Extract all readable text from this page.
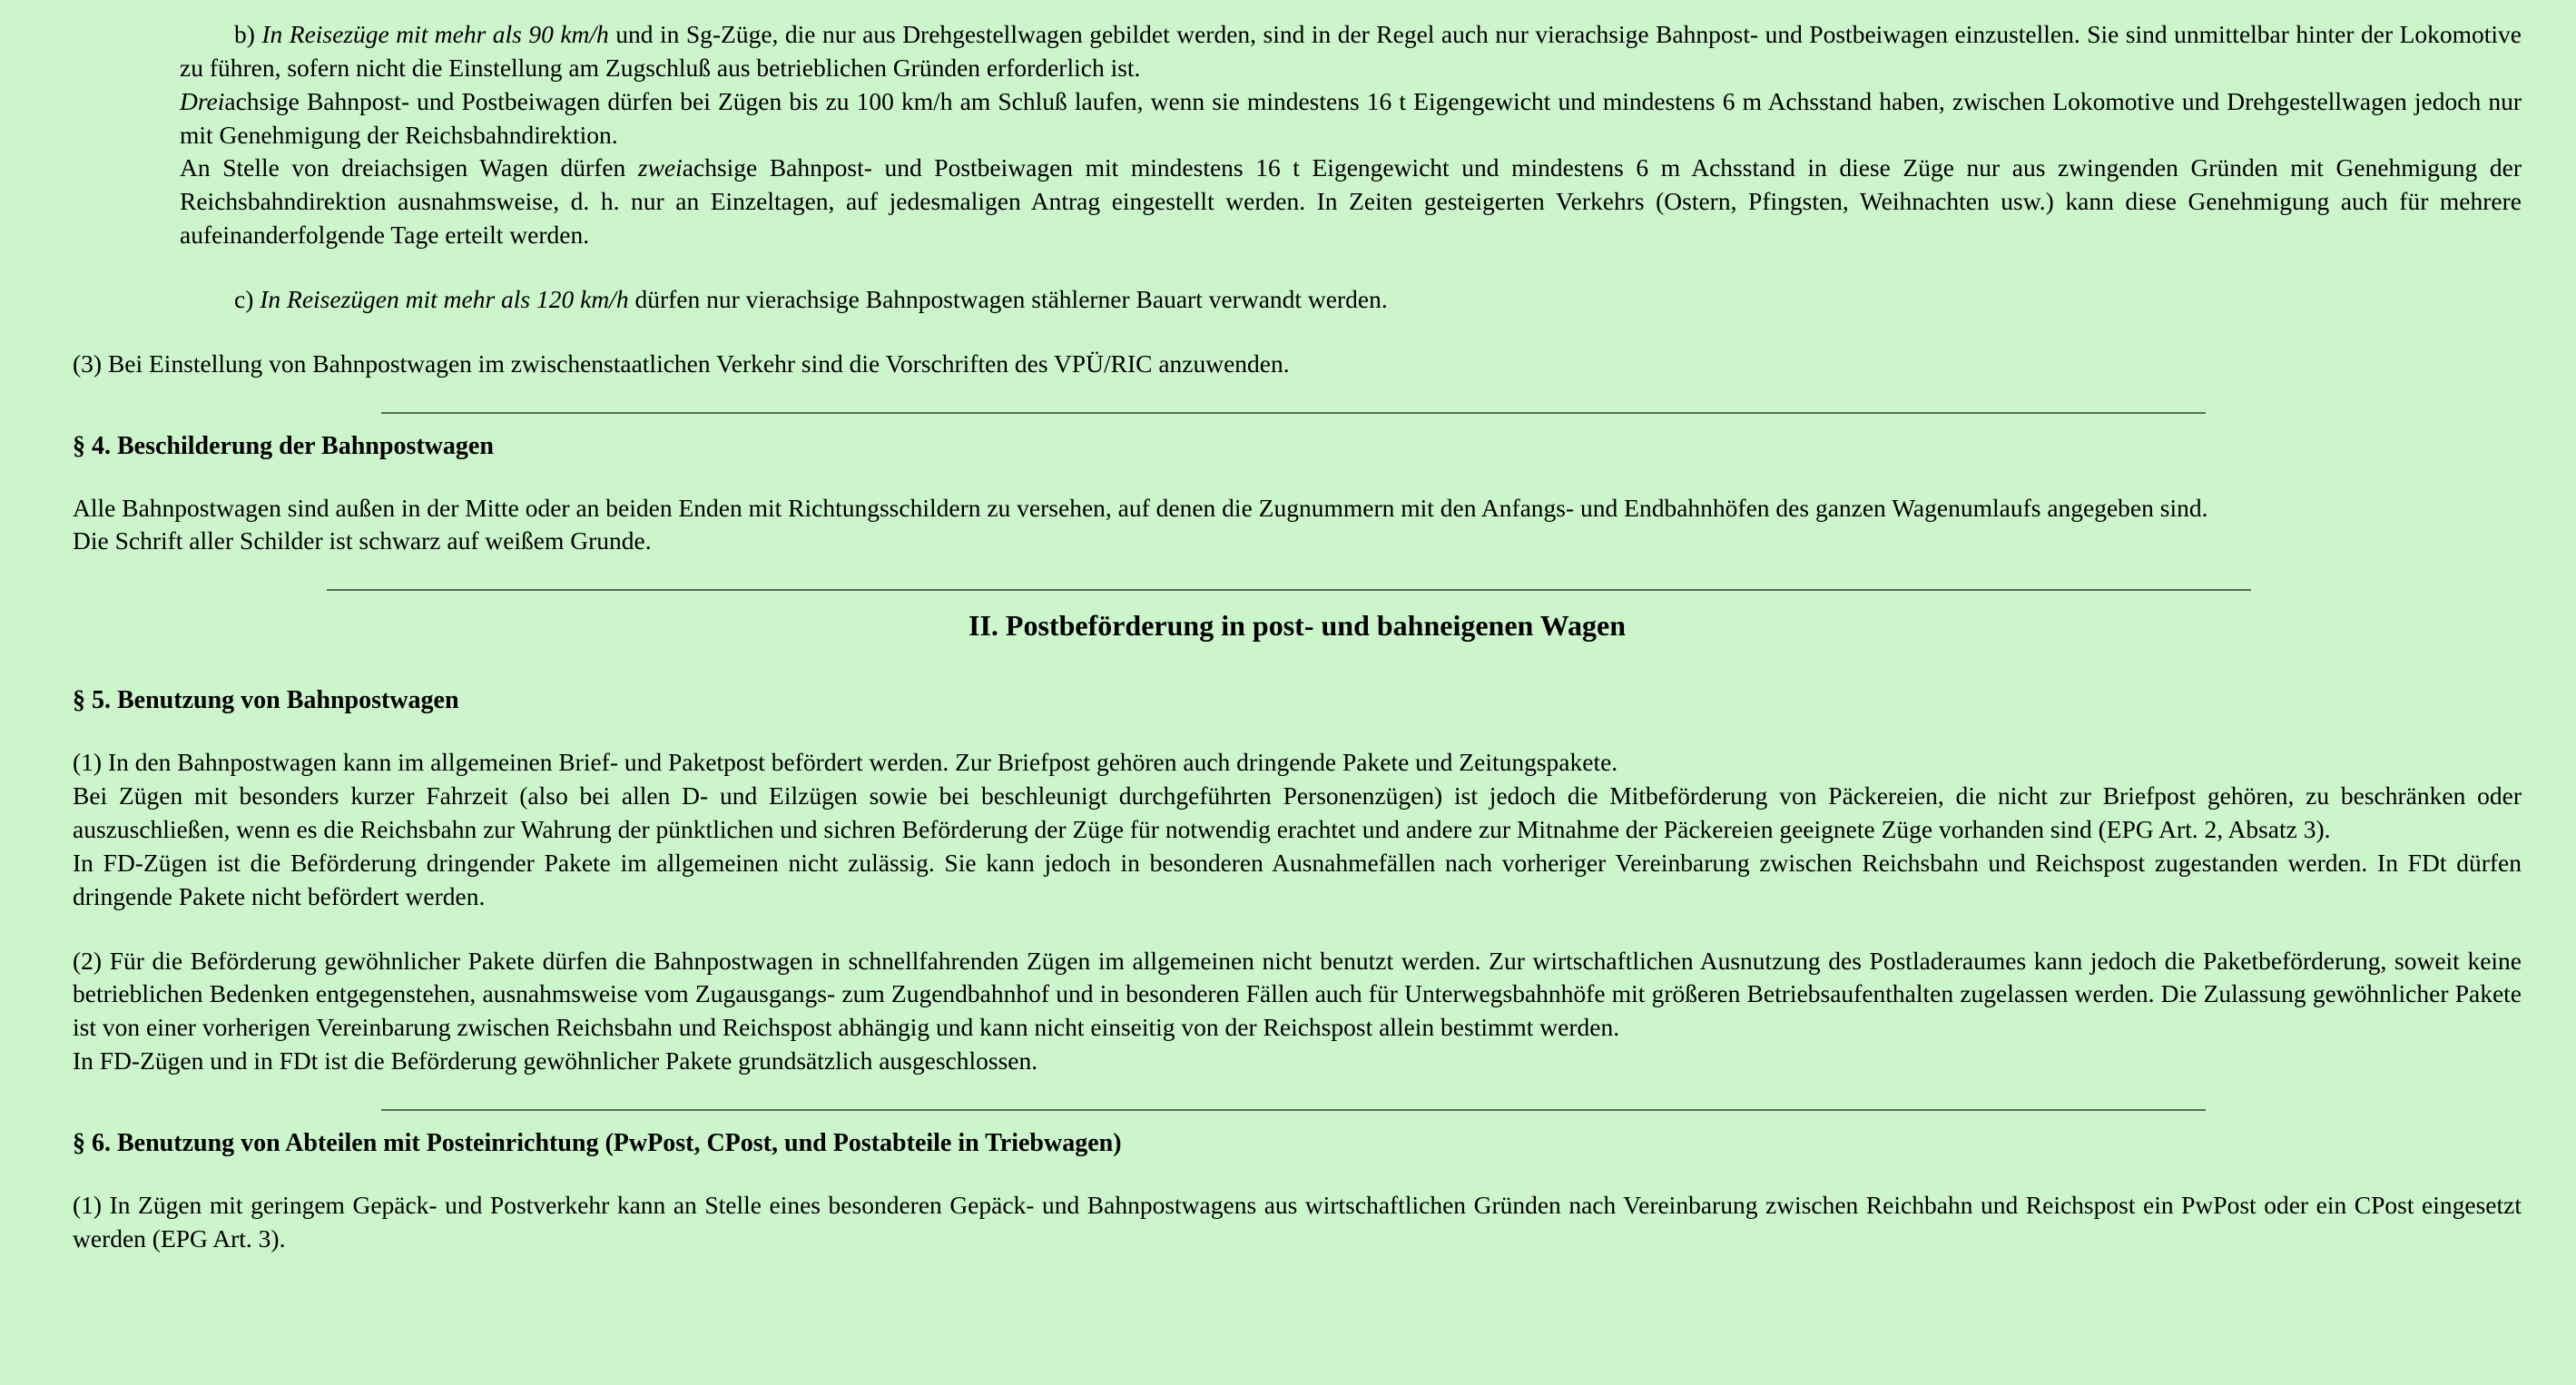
b) In Reisezüge mit mehr als 90 km/h und in Sg-Züge, die nur aus Drehgestellwagen gebildet werden, sind in der Regel auch nur vierachsige Bahnpost- und Postbeiwagen einzustellen. Sie sind unmittelbar hinter der Lokomotive zu führen, sofern nicht die Einstellung am Zugschluß aus betrieblichen Gründen erforderlich ist.

Dreiachsige Bahnpost- und Postbeiwagen dürfen bei Zügen bis zu 100 km/h am Schluß laufen, wenn sie mindestens 16 t Eigengewicht und mindestens 6 m Achsstand haben, zwischen Lokomotive und Drehgestellwagen jedoch nur mit Genehmigung der Reichsbahndirektion.

An Stelle von dreiachsigen Wagen dürfen zweiachsige Bahnpost- und Postbeiwagen mit mindestens 16 t Eigengewicht und mindestens 6 m Achsstand in diese Züge nur aus zwingenden Gründen mit Genehmigung der Reichsbahndirektion ausnahmsweise, d. h. nur an Einzeltagen, auf jedesmaligen Antrag eingestellt werden. In Zeiten gesteigerten Verkehrs (Ostern, Pfingsten, Weihnachten usw.) kann diese Genehmigung auch für mehrere aufeinanderfolgende Tage erteilt werden.

c) In Reisezügen mit mehr als 120 km/h dürfen nur vierachsige Bahnpostwagen stählerner Bauart verwandt werden.

(3) Bei Einstellung von Bahnpostwagen im zwischenstaatlichen Verkehr sind die Vorschriften des VPÜ/RIC anzuwenden.

§ 4. Beschilderung der Bahnpostwagen

Alle Bahnpostwagen sind außen in der Mitte oder an beiden Enden mit Richtungsschildern zu versehen, auf denen die Zugnummern mit den Anfangs- und Endbahnhöfen des ganzen Wagenumlaufs angegeben sind.

Die Schrift aller Schilder ist schwarz auf weißem Grunde.

II. Postbeförderung in post- und bahneigenen Wagen

§ 5. Benutzung von Bahnpostwagen

(1) In den Bahnpostwagen kann im allgemeinen Brief- und Paketpost befördert werden. Zur Briefpost gehören auch dringende Pakete und Zeitungspakete.

Bei Zügen mit besonders kurzer Fahrzeit (also bei allen D- und Eilzügen sowie bei beschleunigt durchgeführten Personenzügen) ist jedoch die Mitbeförderung von Päckereien, die nicht zur Briefpost gehören, zu beschränken oder auszuschließen, wenn es die Reichsbahn zur Wahrung der pünktlichen und sichren Beförderung der Züge für notwendig erachtet und andere zur Mitnahme der Päckereien geeignete Züge vorhanden sind (EPG Art. 2, Absatz 3).

In FD-Zügen ist die Beförderung dringender Pakete im allgemeinen nicht zulässig. Sie kann jedoch in besonderen Ausnahmefällen nach vorheriger Vereinbarung zwischen Reichsbahn und Reichspost zugestanden werden. In FDt dürfen dringende Pakete nicht befördert werden.

(2) Für die Beförderung gewöhnlicher Pakete dürfen die Bahnpostwagen in schnellfahrenden Zügen im allgemeinen nicht benutzt werden. Zur wirtschaftlichen Ausnutzung des Postladeraumes kann jedoch die Paketbeförderung, soweit keine betrieblichen Bedenken entgegenstehen, ausnahmsweise vom Zugausgangs- zum Zugendbahnhof und in besonderen Fällen auch für Unterwegsbahnhöfe mit größeren Betriebsaufenthalten zugelassen werden. Die Zulassung gewöhnlicher Pakete ist von einer vorherigen Vereinbarung zwischen Reichsbahn und Reichspost abhängig und kann nicht einseitig von der Reichspost allein bestimmt werden.

In FD-Zügen und in FDt ist die Beförderung gewöhnlicher Pakete grundsätzlich ausgeschlossen.

§ 6. Benutzung von Abteilen mit Posteinrichtung (PwPost, CPost, und Postabteile in Triebwagen)

(1) In Zügen mit geringem Gepäck- und Postverkehr kann an Stelle eines besonderen Gepäck- und Bahnpostwagens aus wirtschaftlichen Gründen nach Vereinbarung zwischen Reichbahn und Reichspost ein PwPost oder ein CPost eingesetzt werden (EPG Art. 3).
